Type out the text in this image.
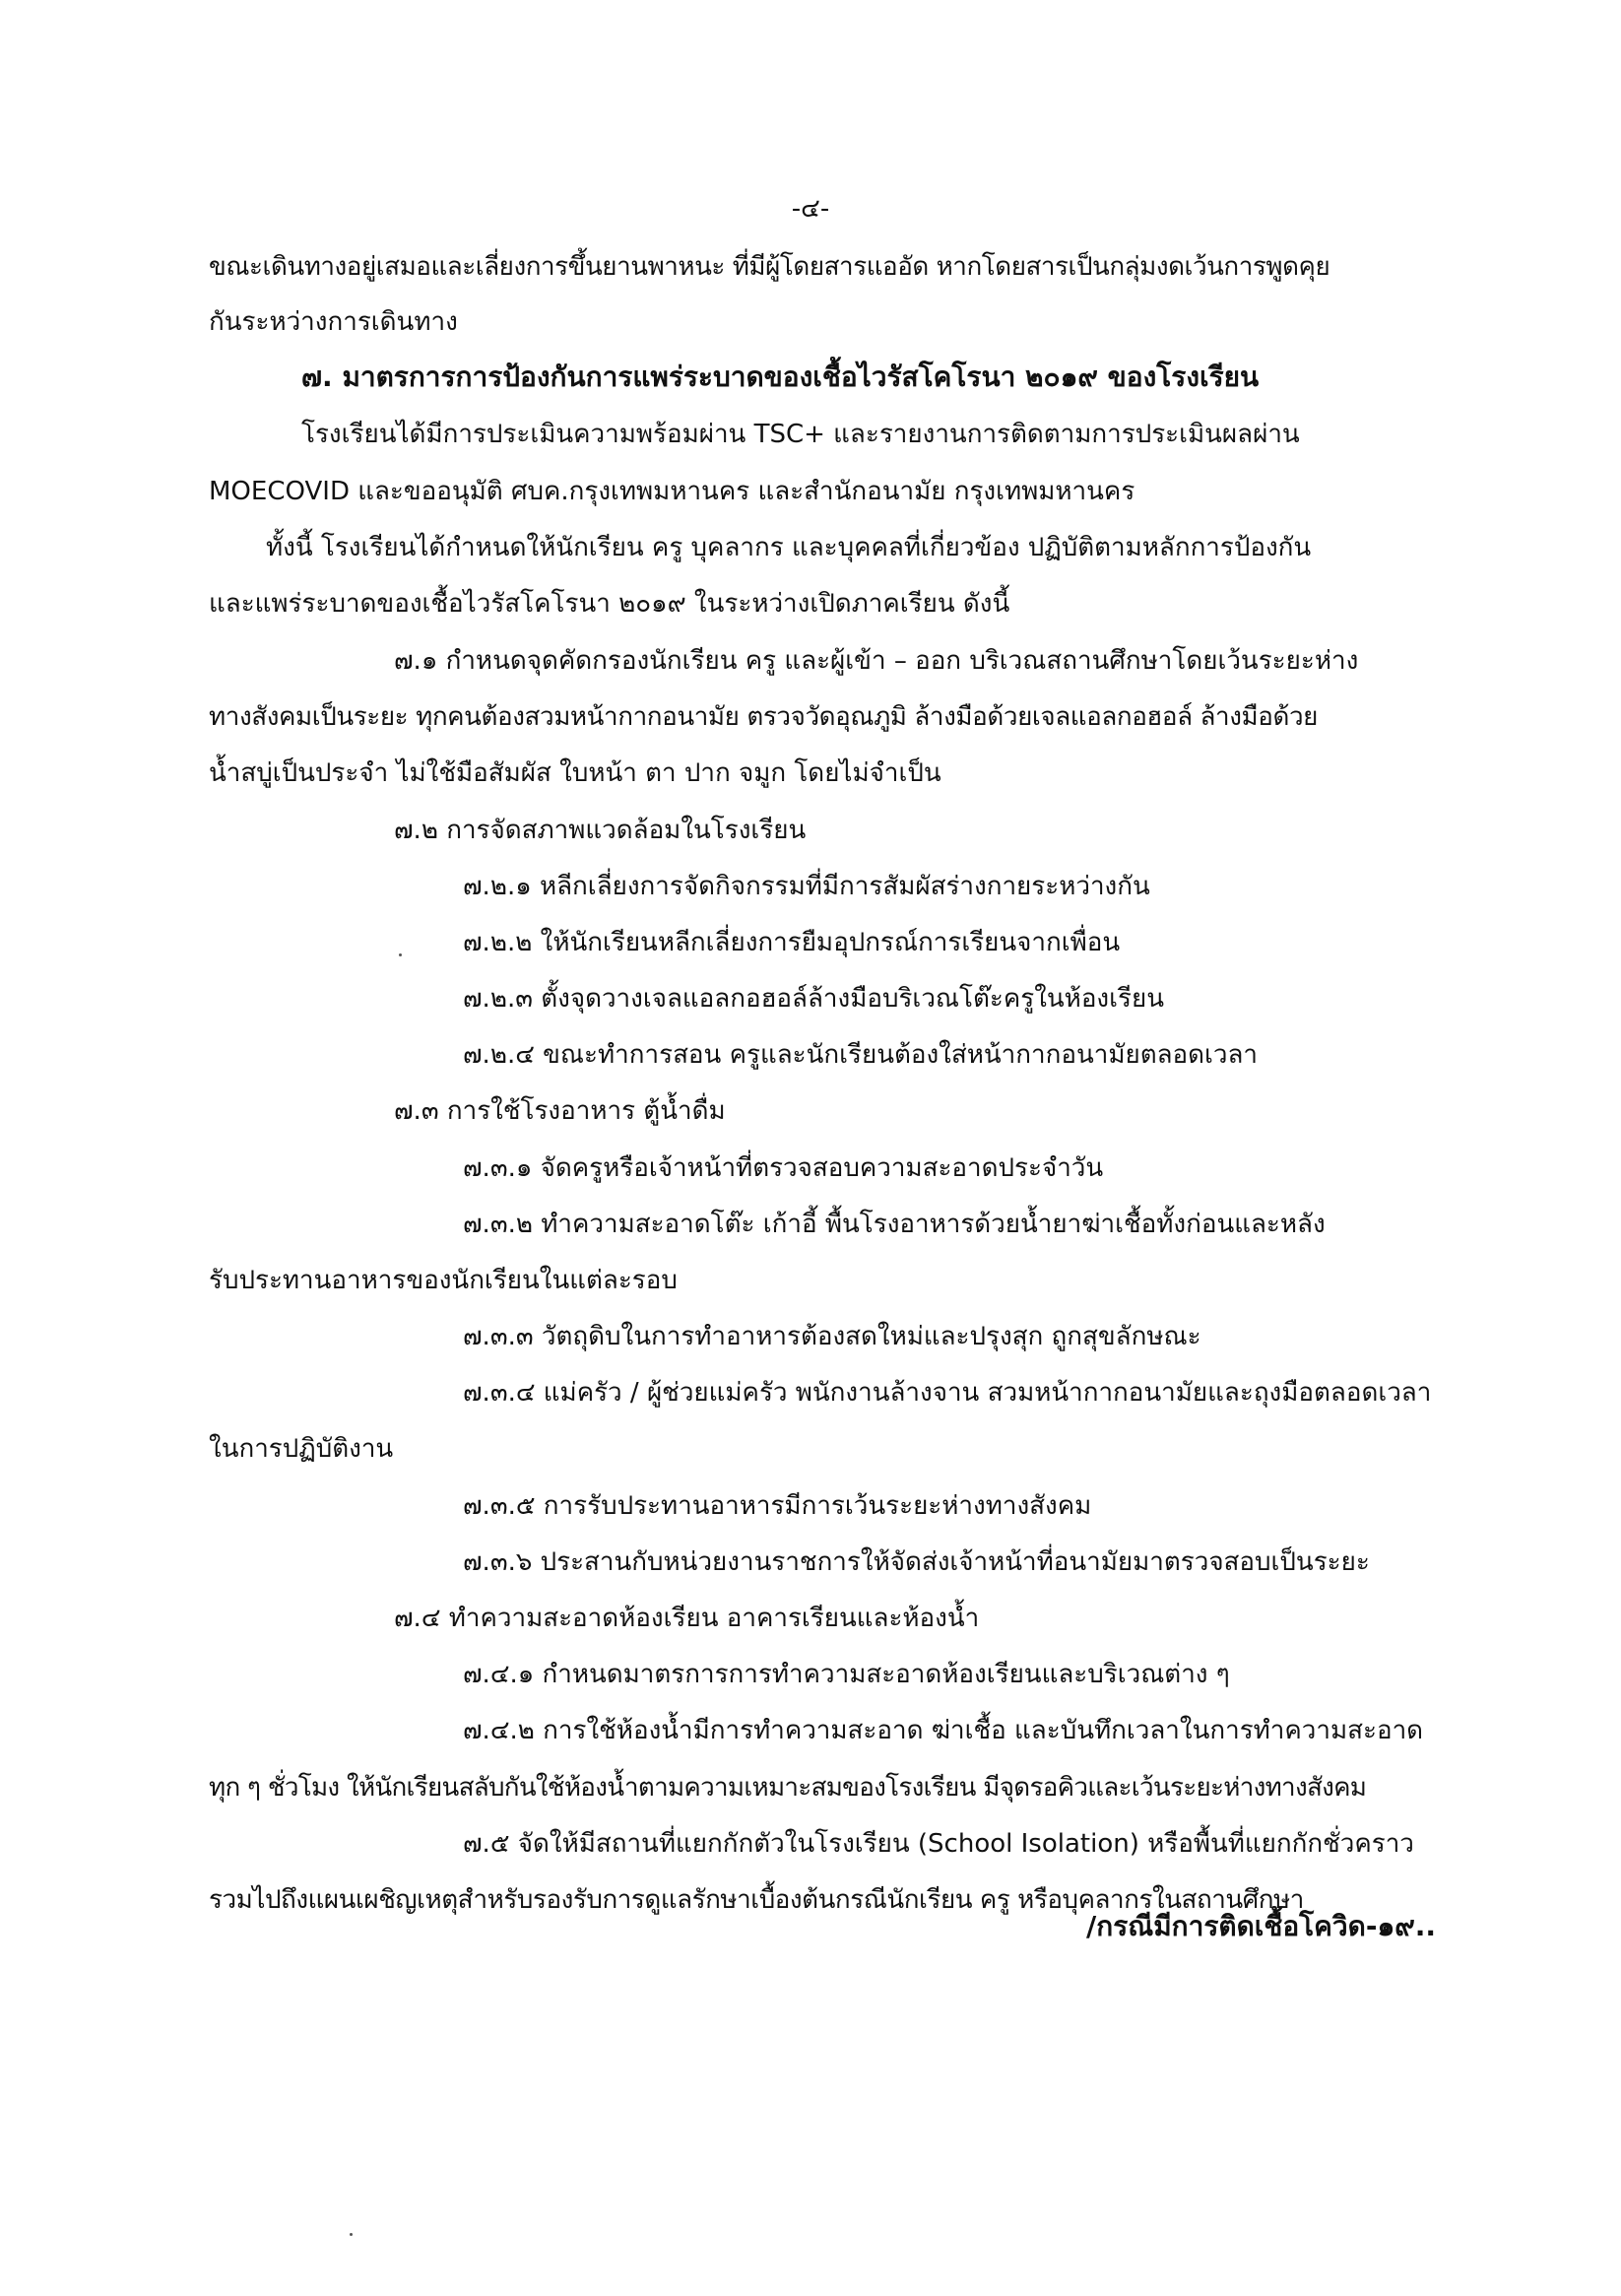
-๔-

ขณะเดินทางอยู่เสมอและเลี่ยงการขึ้นยานพาหนะ ที่มีผู้โดยสารแออัด หากโดยสารเป็นกลุ่มงดเว้นการพูดคุย

กันระหว่างการเดินทาง

๗. มาตรการการป้องกันการแพร่ระบาดของเชื้อไวรัสโคโรนา ๒๐๑๙ ของโรงเรียน

โรงเรียนได้มีการประเมินความพร้อมผ่าน TSC+ และรายงานการติดตามการประเมินผลผ่าน

MOECOVID และขออนุมัติ ศบค.กรุงเทพมหานคร และสำนักอนามัย กรุงเทพมหานคร

ทั้งนี้ โรงเรียนได้กำหนดให้นักเรียน ครู บุคลากร และบุคคลที่เกี่ยวข้อง ปฏิบัติตามหลักการป้องกัน

และแพร่ระบาดของเชื้อไวรัสโคโรนา ๒๐๑๙ ในระหว่างเปิดภาคเรียน ดังนี้

๗.๑ กำหนดจุดคัดกรองนักเรียน ครู และผู้เข้า – ออก บริเวณสถานศึกษาโดยเว้นระยะห่าง

ทางสังคมเป็นระยะ ทุกคนต้องสวมหน้ากากอนามัย ตรวจวัดอุณภูมิ ล้างมือด้วยเจลแอลกอฮอล์ ล้างมือด้วย

น้ำสบู่เป็นประจำ ไม่ใช้มือสัมผัส ใบหน้า ตา ปาก จมูก โดยไม่จำเป็น

๗.๒ การจัดสภาพแวดล้อมในโรงเรียน

๗.๒.๑ หลีกเลี่ยงการจัดกิจกรรมที่มีการสัมผัสร่างกายระหว่างกัน

๗.๒.๒ ให้นักเรียนหลีกเลี่ยงการยืมอุปกรณ์การเรียนจากเพื่อน

๗.๒.๓ ตั้งจุดวางเจลแอลกอฮอล์ล้างมือบริเวณโต๊ะครูในห้องเรียน

๗.๒.๔ ขณะทำการสอน ครูและนักเรียนต้องใส่หน้ากากอนามัยตลอดเวลา

๗.๓ การใช้โรงอาหาร ตู้น้ำดื่ม

๗.๓.๑ จัดครูหรือเจ้าหน้าที่ตรวจสอบความสะอาดประจำวัน

๗.๓.๒ ทำความสะอาดโต๊ะ เก้าอี้ พื้นโรงอาหารด้วยน้ำยาฆ่าเชื้อทั้งก่อนและหลัง

รับประทานอาหารของนักเรียนในแต่ละรอบ

๗.๓.๓ วัตถุดิบในการทำอาหารต้องสดใหม่และปรุงสุก ถูกสุขลักษณะ

๗.๓.๔ แม่ครัว / ผู้ช่วยแม่ครัว พนักงานล้างจาน สวมหน้ากากอนามัยและถุงมือตลอดเวลา

ในการปฏิบัติงาน

๗.๓.๕ การรับประทานอาหารมีการเว้นระยะห่างทางสังคม

๗.๓.๖ ประสานกับหน่วยงานราชการให้จัดส่งเจ้าหน้าที่อนามัยมาตรวจสอบเป็นระยะ

๗.๔ ทำความสะอาดห้องเรียน อาคารเรียนและห้องน้ำ

๗.๔.๑ กำหนดมาตรการการทำความสะอาดห้องเรียนและบริเวณต่าง ๆ

๗.๔.๒ การใช้ห้องน้ำมีการทำความสะอาด ฆ่าเชื้อ และบันทึกเวลาในการทำความสะอาด

ทุก ๆ ชั่วโมง ให้นักเรียนสลับกันใช้ห้องน้ำตามความเหมาะสมของโรงเรียน มีจุดรอคิวและเว้นระยะห่างทางสังคม

๗.๕ จัดให้มีสถานที่แยกกักตัวในโรงเรียน (School Isolation) หรือพื้นที่แยกกักชั่วคราว

รวมไปถึงแผนเผชิญเหตุสำหรับรองรับการดูแลรักษาเบื้องต้นกรณีนักเรียน ครู หรือบุคลากรในสถานศึกษา

/กรณีมีการติดเชื้อโควิด-๑๙..
